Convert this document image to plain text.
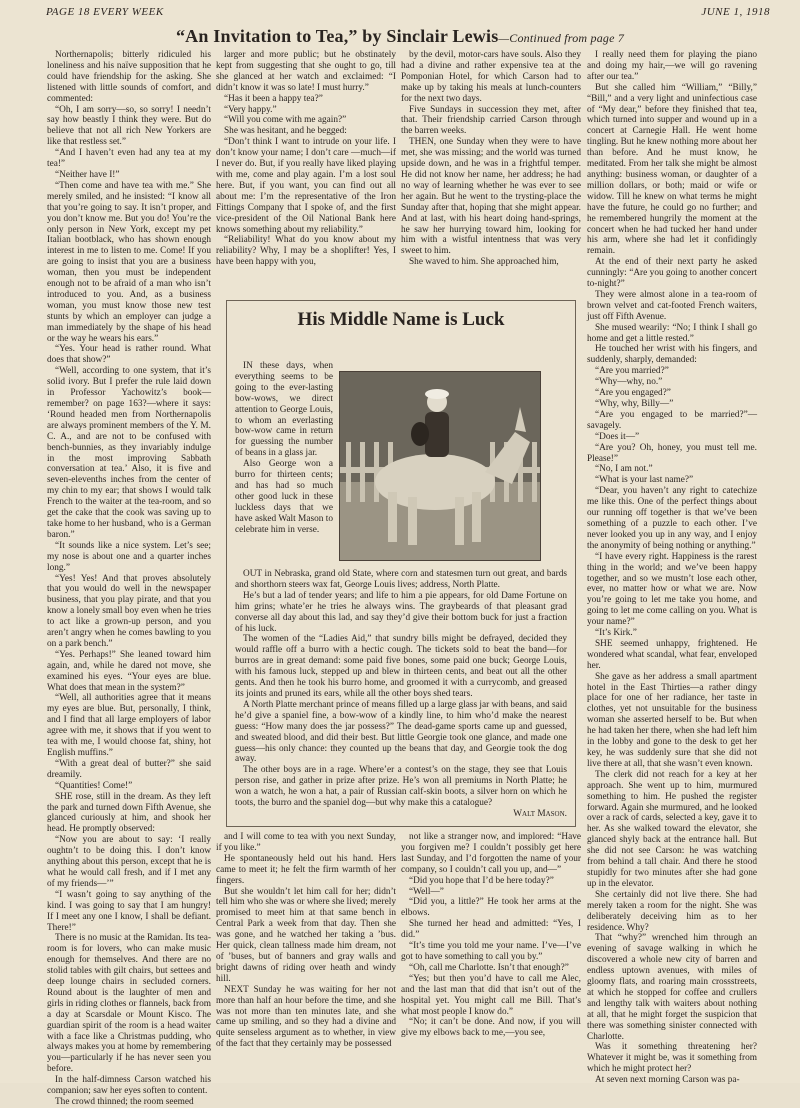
PAGE 18 EVERY WEEK	JUNE 1, 1918
“An Invitation to Tea,” by Sinclair Lewis—Continued from page 7

Northernapolis; bitterly ridiculed his loneliness and his naïve supposition that he could have friendship for the asking. She listened with little sounds of comfort, and commented:

“Oh, I am sorry—so, so sorry! I needn’t say how beastly I think they were. But do believe that not all rich New Yorkers are like that restless set.”

“And I haven’t even had any tea at my tea!”

“Neither have I!”

“Then come and have tea with me.” She merely smiled, and he insisted: “I know all that you’re going to say. It isn’t proper, and you don’t know me. But you do! You’re the only person in New York, except my pet Italian bootblack, who has shown enough interest in me to listen to me. Come! If you are going to insist that you are a business woman, then you must be independent enough not to be afraid of a man who isn’t introduced to you. And, as a business woman, you must know those new test stunts by which an employer can judge a man immediately by the shape of his head or the way he wears his ears.”

“Yes. Your head is rather round. What does that show?”

“Well, according to one system, that it’s solid ivory. But I prefer the rule laid down in Professor Yachowitz’s book—remember? on page 163?—where it says: ‘Round headed men from Northernapolis are always prominent members of the Y. M. C. A., and are not to be confused with bench-bunnies, as they invariably indulge in the most improving Sabbath conversation at tea.’ Also, it is five and seven-elevenths inches from the center of my chin to my ear; that shows I would talk French to the waiter at the tea-room, and so get the cake that the cook was saving up to take home to her husband, who is a German baron.”

“It sounds like a nice system. Let’s see; my nose is about one and a quarter inches long.”

“Yes! Yes! And that proves absolutely that you would do well in the newspaper business, that you play pirate, and that you know a lonely small boy even when he tries to act like a grown-up person, and you aren’t angry when he comes bawling to you on a park bench.”

“Yes. Perhaps!” She leaned toward him again, and, while he dared not move, she examined his eyes. “Your eyes are blue. What does that mean in the system?”

“Well, all authorities agree that it means my eyes are blue. But, personally, I think, and I find that all large employers of labor agree with me, it shows that if you went to tea with me, I would choose fat, shiny, hot English muffins.”

“With a great deal of butter?” she said dreamily.

“Quantities! Come!”

SHE rose, still in the dream. As they left the park and turned down Fifth Avenue, she glanced curiously at him, and shook her head. He promptly observed:

“Now you are about to say: ‘I really oughtn’t to be doing this. I don’t know anything about this person, except that he is what he would call fresh, and if I met any of my friends—’”

“I wasn’t going to say anything of the kind. I was going to say that I am hungry! If I meet any one I know, I shall be defiant. There!”

There is no music at the Ramidan. Its tea-room is for lovers, who can make music enough for themselves. And there are no stolid tables with gilt chairs, but settees and deep lounge chairs in secluded corners. Round about is the laughter of men and girls in riding clothes or flannels, back from a day at Scarsdale or Mount Kisco. The guardian spirit of the room is a head waiter with a face like a Christmas pudding, who always makes you at home by remembering you—particularly if he has never seen you before.

In the half-dimness Carson watched his companion; saw her eyes soften to content.

The crowd thinned; the room seemed

larger and more public; but he obstinately kept from suggesting that she ought to go, till she glanced at her watch and exclaimed: “I didn’t know it was so late! I must hurry.”

“Has it been a happy tea?”

“Very happy.”

“Will you come with me again?”

She was hesitant, and he begged:

“Don’t think I want to intrude on your life. I don’t know your name; I don’t care —much—if I never do. But, if you really have liked playing with me, come and play again. I’m a lost soul here. But, if you want, you can find out all about me: I’m the representative of the Iron Fittings Company that I spoke of, and the first vice-president of the Oil National Bank here knows something about my reliability.”

“Reliability! What do you know about my reliability? Why, I may be a shoplifter! Yes, I have been happy with you,

by the devil, motor-cars have souls. Also they had a divine and rather expensive tea at the Pomponian Hotel, for which Carson had to make up by taking his meals at lunch-counters for the next two days.

Five Sundays in succession they met, after that. Their friendship carried Carson through the barren weeks.

THEN, one Sunday when they were to have met, she was missing; and the world was turned upside down, and he was in a frightful temper. He did not know her name, her address; he had no way of learning whether he was ever to see her again. But he went to the trysting-place the Sunday after that, hoping that she might appear. And at last, with his heart doing hand-springs, he saw her hurrying toward him, looking for him with a wistful intentness that was very sweet to him.

She waved to him. She approached him,

I really need them for playing the piano and doing my hair,—we will go ravening after our tea.”

But she called him “William,” “Billy,” “Bill,” and a very light and uninfectious case of “My dear,” before they finished that tea, which turned into supper and wound up in a concert at Carnegie Hall. He went home tingling. But he knew nothing more about her than before. And he must know, he meditated. From her talk she might be almost anything: business woman, or daughter of a million dollars, or both; maid or wife or widow. Till he knew on what terms he might have the future, he could go no further; and he remembered hungrily the moment at the concert when he had tucked her hand under his arm, where she had let it confidingly remain.

At the end of their next party he asked cunningly: “Are you going to another concert to-night?”

They were almost alone in a tea-room of brown velvet and cat-footed French waiters, just off Fifth Avenue.

She mused wearily: “No; I think I shall go home and get a little rested.”

He touched her wrist with his fingers, and suddenly, sharply, demanded:

“Are you married?”

“Why—why, no.”

“Are you engaged?”

“Why, why, Billy—”

“Are you engaged to be married?”—savagely.

“Does it—”

“Are you? Oh, honey, you must tell me. Please!”

“No, I am not.”

“What is your last name?”

“Dear, you haven’t any right to catechize me like this. One of the perfect things about our running off together is that we’ve been something of a puzzle to each other. I’ve never looked you up in any way, and I enjoy the anonymity of being nothing or anything.”

“I have every right. Happiness is the rarest thing in the world; and we’ve been happy together, and so we mustn’t lose each other, ever, no matter how or what we are. Now you’re going to let me take you home, and going to let me come calling on you. What is your name?”

“It’s Kirk.”

SHE seemed unhappy, frightened. He wondered what scandal, what fear, enveloped her.

She gave as her address a small apartment hotel in the East Thirties—a rather dingy place for one of her radiance, her taste in clothes, yet not unsuitable for the business woman she asserted herself to be. But when he had taken her there, when she had left him in the lobby and gone to the desk to get her key, he was suddenly sure that she did not live there at all, that she wasn’t even known.

The clerk did not reach for a key at her approach. She went up to him, murmured something to him. He pushed the register forward. Again she murmured, and he looked over a rack of cards, selected a key, gave it to her. As she walked toward the elevator, she glanced shyly back at the entrance hall. But she did not see Carson: he was watching from behind a tall chair. And there he stood stupidly for two minutes after she had gone up in the elevator.

She certainly did not live there. She had merely taken a room for the night. She was deliberately deceiving him as to her residence. Why?

That “why?” wrenched him through an evening of savage walking in which he discovered a whole new city of barren and endless uptown avenues, with miles of gloomy flats, and roaring main crossstreets, at which he stopped for coffee and crullers and lengthy talk with waiters about nothing at all, that he might forget the suspicion that there was something sinister connected with Charlotte.

Was it something threatening her? Whatever it might be, was it something from which he might protect her?

At seven next morning Carson was pa-

His Middle Name is Luck

IN these days, when everything seems to be going to the ever-lasting bow-wows, we direct attention to George Louis, to whom an everlasting bow-wow came in return for guessing the number of beans in a glass jar.

Also George won a burro for thirteen cents; and has had so much other good luck in these luckless days that we have asked Walt Mason to celebrate him in verse.

OUT in Nebraska, grand old State, where corn and statesmen turn out great, and bards and shorthorn steers wax fat, George Louis lives; address, North Platte.

He’s but a lad of tender years; and life to him a pie appears, for old Dame Fortune on him grins; whate’er he tries he always wins. The graybeards of that pleasant grad converse all day about this lad, and say they’d give their bottom buck for just a fraction of his luck.

The women of the “Ladies Aid,” that sundry bills might be defrayed, decided they would raffle off a burro with a hectic cough. The tickets sold to beat the band—for burros are in great demand: some paid five bones, some paid one buck; George Louis, with his famous luck, stepped up and blew in thirteen cents, and beat out all the other gents. And then he took his burro home, and groomed it with a currycomb, and greased its joints and pruned its ears, while all the other boys shed tears.

A North Platte merchant prince of means filled up a large glass jar with beans, and said he’d give a spaniel fine, a bow-wow of a kindly line, to him who’d make the nearest guess: “How many does the jar possess?” The dead-game sports came up and guessed, and sweated blood, and did their best. But little Georgie took one glance, and made one guess—his only chance: they counted up the beans that day, and Georgie took the dog away.

The other boys are in a rage. Where’er a contest’s on the stage, they see that Louis person rise, and gather in prize after prize. He’s won all premiums in North Platte; he won a watch, he won a hat, a pair of Russian calf-skin boots, a silver horn on which he toots, the burro and the spaniel dog—but why make this a catalogue?

Walt Mason.

and I will come to tea with you next Sunday, if you like.”

He spontaneously held out his hand. Hers came to meet it; he felt the firm warmth of her fingers.

But she wouldn’t let him call for her; didn’t tell him who she was or where she lived; merely promised to meet him at that same bench in Central Park a week from that day. Then she was gone, and he watched her taking a ’bus. Her quick, clean tallness made him dream, not of ’buses, but of banners and gray walls and bright dawns of riding over heath and windy hill.

NEXT Sunday he was waiting for her not more than half an hour before the time, and she was not more than ten minutes late, and she came up smiling, and so they had a divine and quite senseless argument as to whether, in view of the fact that they certainly may be possessed

not like a stranger now, and implored: “Have you forgiven me? I couldn’t possibly get here last Sunday, and I’d forgotten the name of your company, so I couldn’t call you up, and—”

“Did you hope that I’d be here today?”

“Well—”

“Did you, a little?” He took her arms at the elbows.

She turned her head and admitted: “Yes, I did.”

“It’s time you told me your name. I’ve—I’ve got to have something to call you by.”

“Oh, call me Charlotte. Isn’t that enough?”

“Yes; but then you’d have to call me Alec, and the last man that did that isn’t out of the hospital yet. You might call me Bill. That’s what most people I know do.”

“No; it can’t be done. And now, if you will give my elbows back to me,—you see,
